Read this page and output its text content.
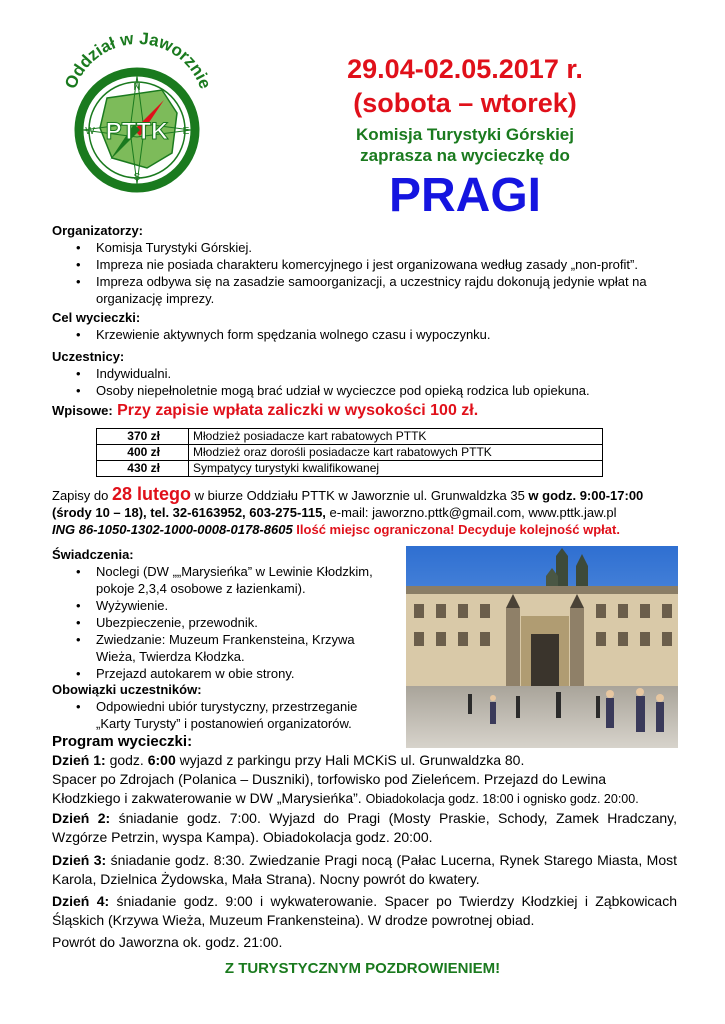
Oddział w Jaworznie
PTTK
N
S
E
W
29.04-02.05.2017 r.
(sobota – wtorek)
Komisja Turystyki Górskiej
zaprasza na wycieczkę do
PRAGI
Organizatorzy:
• Komisja Turystyki Górskiej.
• Impreza nie posiada charakteru komercyjnego i jest organizowana według zasady „non-profit”.
• Impreza odbywa się na zasadzie samoorganizacji, a uczestnicy rajdu dokonują jedynie wpłat na organizację imprezy.
Cel wycieczki:
• Krzewienie aktywnych form spędzania wolnego czasu i wypoczynku.
Uczestnicy:
• Indywidualni.
• Osoby niepełnoletnie mogą brać udział w wycieczce pod opieką rodzica lub opiekuna.
Wpisowe: Przy zapisie wpłata zaliczki w wysokości 100 zł.
370 zł	Młodzież posiadacze kart rabatowych PTTK
400 zł	Młodzież oraz dorośli posiadacze kart rabatowych PTTK
430 zł	Sympatycy turystyki kwalifikowanej
Zapisy do 28 lutego w biurze Oddziału PTTK w Jaworznie ul. Grunwaldzka 35 w godz. 9:00-17:00
(środy 10 – 18), tel. 32-6163952, 603-275-115, e-mail: jaworzno.pttk@gmail.com, www.pttk.jaw.pl
ING 86-1050-1302-1000-0008-0178-8605 Ilość miejsc ograniczona! Decyduje kolejność wpłat.
Świadczenia:
• Noclegi (DW „„Marysieńka” w Lewinie Kłodzkim, pokoje 2,3,4 osobowe z łazienkami).
• Wyżywienie.
• Ubezpieczenie, przewodnik.
• Zwiedzanie: Muzeum Frankensteina, Krzywa Wieża, Twierdza Kłodzka.
• Przejazd autokarem w obie strony.
Obowiązki uczestników:
• Odpowiedni ubiór turystyczny, przestrzeganie „Karty Turysty” i postanowień organizatorów.
Program wycieczki:
Dzień 1: godz. 6:00 wyjazd z parkingu przy Hali MCKiS ul. Grunwaldzka 80.
Spacer po Zdrojach (Polanica – Duszniki), torfowisko pod Zieleńcem. Przejazd do Lewina Kłodzkiego i zakwaterowanie w DW „Marysieńka”. Obiadokolacja godz. 18:00 i ognisko godz. 20:00.
Dzień 2: śniadanie godz. 7:00. Wyjazd do Pragi (Mosty Praskie, Schody, Zamek Hradczany, Wzgórze Petrzin, wyspa Kampa). Obiadokolacja godz. 20:00.
Dzień 3: śniadanie godz. 8:30. Zwiedzanie Pragi nocą (Pałac Lucerna, Rynek Starego Miasta, Most Karola, Dzielnica Żydowska, Mała Strana). Nocny powrót do kwatery.
Dzień 4: śniadanie godz. 9:00 i wykwaterowanie. Spacer po Twierdzy Kłodzkiej i Ząbkowicach Śląskich (Krzywa Wieża, Muzeum Frankensteina). W drodze powrotnej obiad.
Powrót do Jaworzna ok. godz. 21:00.
Z TURYSTYCZNYM POZDROWIENIEM!
